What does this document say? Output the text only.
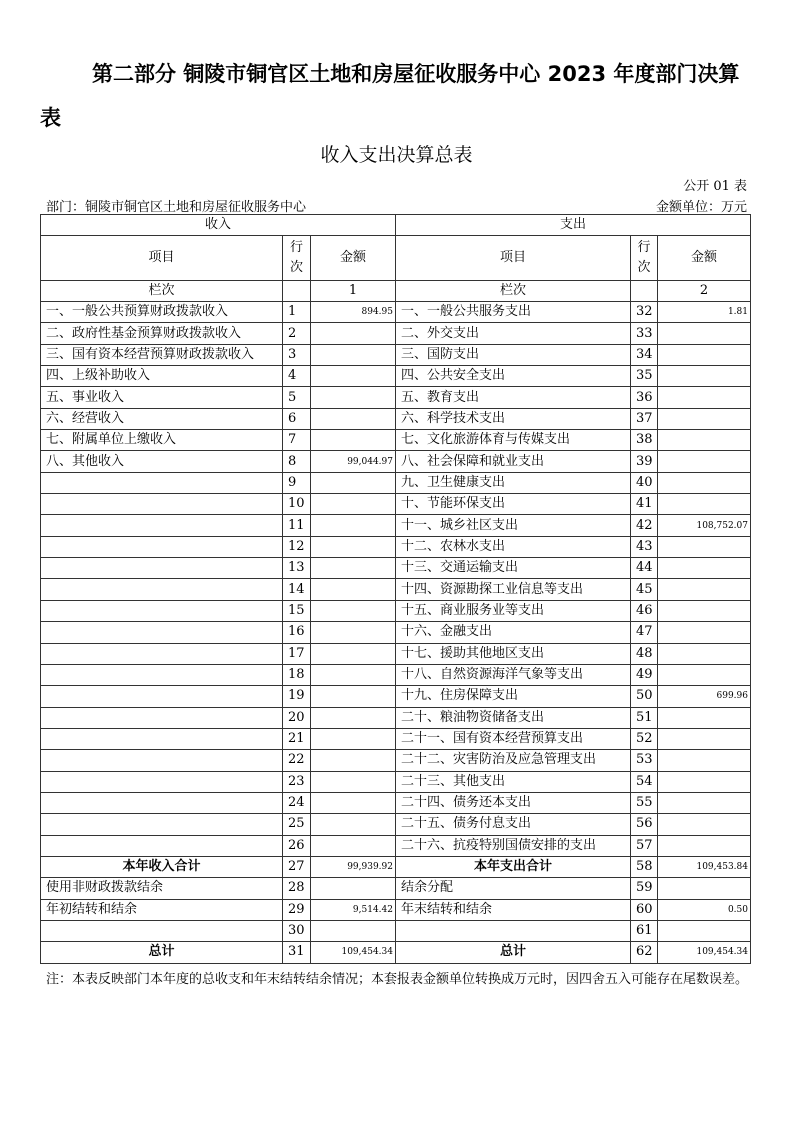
第二部分 铜陵市铜官区土地和房屋征收服务中心 2023 年度部门决算表
收入支出决算总表
公开 01 表
部门：铜陵市铜官区土地和房屋征收服务中心	金额单位：万元
收入			支出		
项目	行次	金额	项目	行次	金额
栏次		1	栏次		2
一、一般公共预算财政拨款收入	1	894.95	一、一般公共服务支出	32	1.81
二、政府性基金预算财政拨款收入	2		二、外交支出	33	
三、国有资本经营预算财政拨款收入	3		三、国防支出	34	
四、上级补助收入	4		四、公共安全支出	35	
五、事业收入	5		五、教育支出	36	
六、经营收入	6		六、科学技术支出	37	
七、附属单位上缴收入	7		七、文化旅游体育与传媒支出	38	
八、其他收入	8	99,044.97	八、社会保障和就业支出	39	
	9		九、卫生健康支出	40	
	10		十、节能环保支出	41	
	11		十一、城乡社区支出	42	108,752.07
	12		十二、农林水支出	43	
	13		十三、交通运输支出	44	
	14		十四、资源勘探工业信息等支出	45	
	15		十五、商业服务业等支出	46	
	16		十六、金融支出	47	
	17		十七、援助其他地区支出	48	
	18		十八、自然资源海洋气象等支出	49	
	19		十九、住房保障支出	50	699.96
	20		二十、粮油物资储备支出	51	
	21		二十一、国有资本经营预算支出	52	
	22		二十二、灾害防治及应急管理支出	53	
	23		二十三、其他支出	54	
	24		二十四、债务还本支出	55	
	25		二十五、债务付息支出	56	
	26		二十六、抗疫特别国债安排的支出	57	
本年收入合计	27	99,939.92	本年支出合计	58	109,453.84
使用非财政拨款结余	28		结余分配	59	
年初结转和结余	29	9,514.42	年末结转和结余	60	0.50
	30			61	
总计	31	109,454.34	总计	62	109,454.34
注：本表反映部门本年度的总收支和年末结转结余情况；本套报表金额单位转换成万元时，因四舍五入可能存在尾数误差。
